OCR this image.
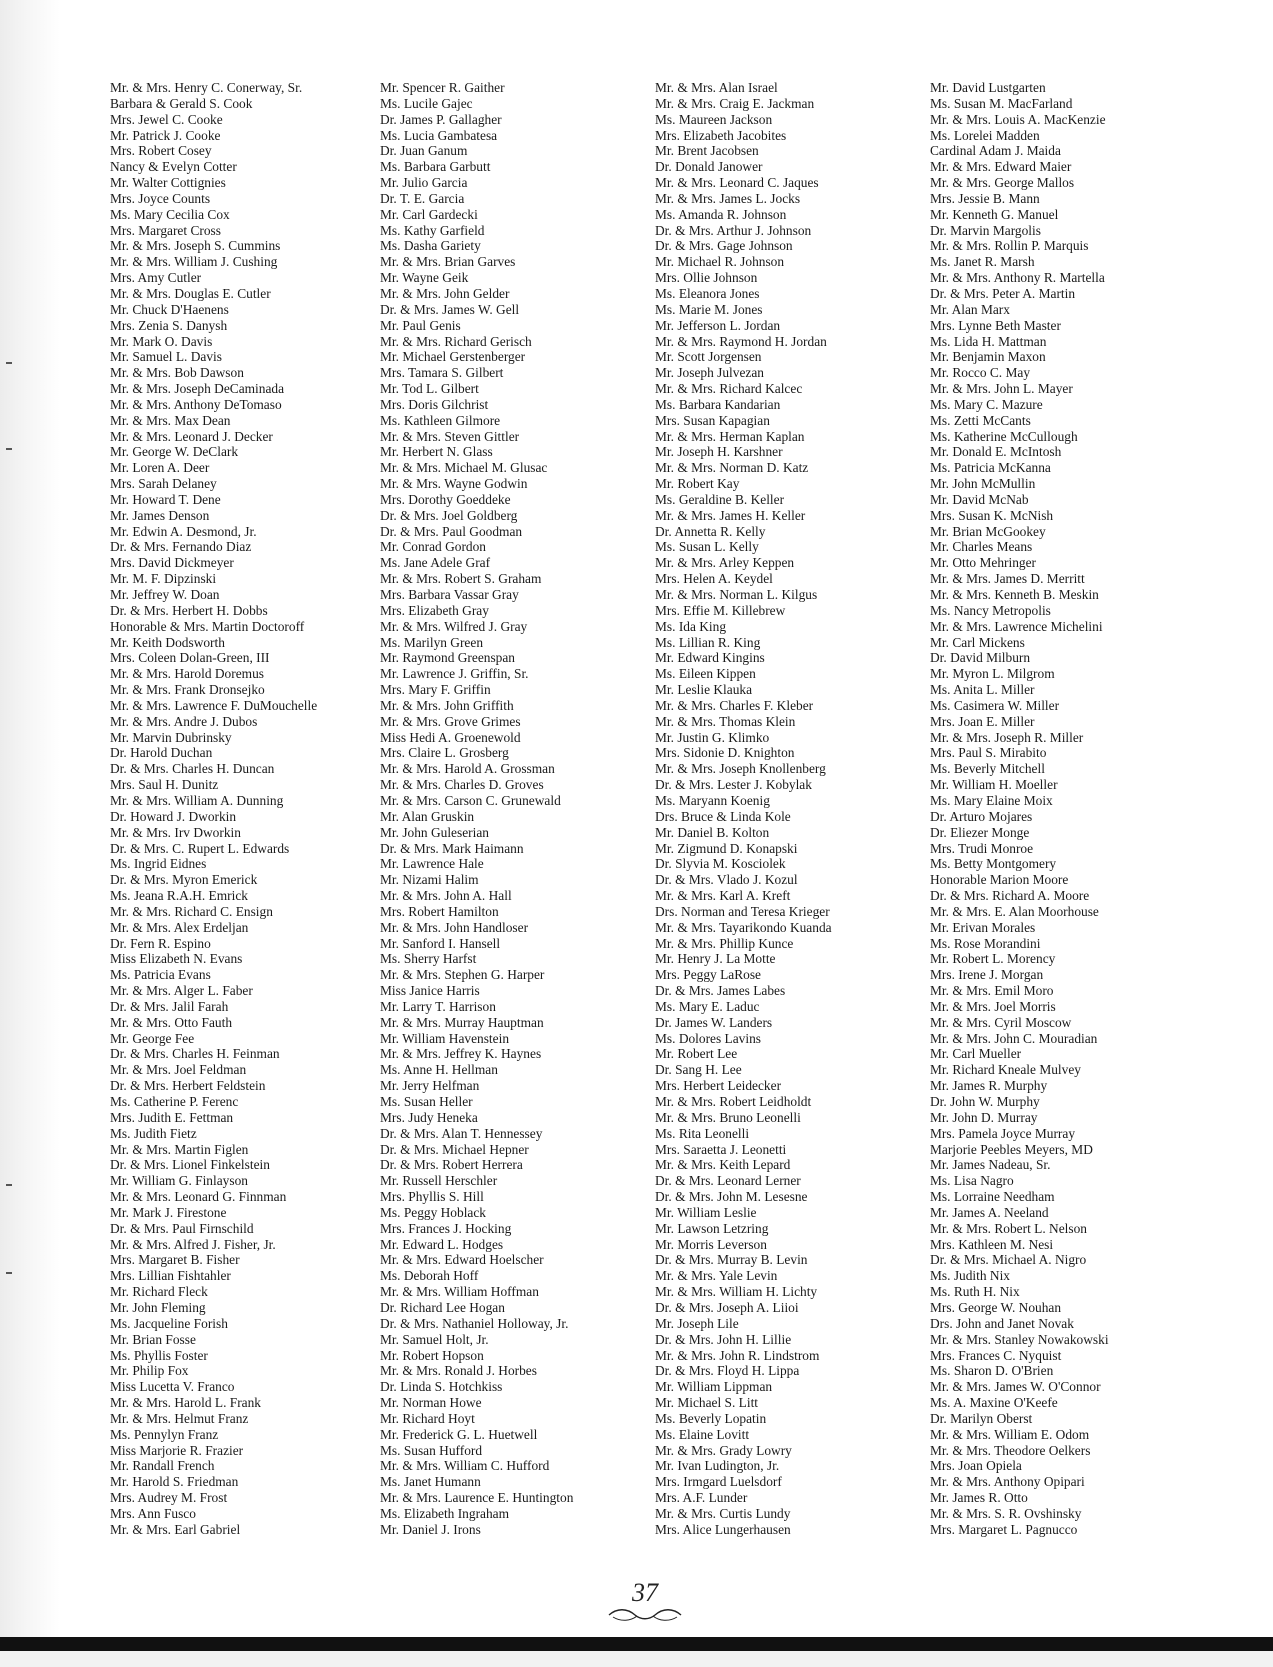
Mr. & Mrs. Henry C. Conerway, Sr.
Barbara & Gerald S. Cook
Mrs. Jewel C. Cooke
Mr. Patrick J. Cooke
Mrs. Robert Cosey
Nancy & Evelyn Cotter
Mr. Walter Cottignies
Mrs. Joyce Counts
Ms. Mary Cecilia Cox
Mrs. Margaret Cross
Mr. & Mrs. Joseph S. Cummins
Mr. & Mrs. William J. Cushing
Mrs. Amy Cutler
Mr. & Mrs. Douglas E. Cutler
Mr. Chuck D'Haenens
Mrs. Zenia S. Danysh
Mr. Mark O. Davis
Mr. Samuel L. Davis
Mr. & Mrs. Bob Dawson
Mr. & Mrs. Joseph DeCaminada
Mr. & Mrs. Anthony DeTomaso
Mr. & Mrs. Max Dean
Mr. & Mrs. Leonard J. Decker
Mr. George W. DeClark
Mr. Loren A. Deer
Mrs. Sarah Delaney
Mr. Howard T. Dene
Mr. James Denson
Mr. Edwin A. Desmond, Jr.
Dr. & Mrs. Fernando Diaz
Mrs. David Dickmeyer
Mr. M. F. Dipzinski
Mr. Jeffrey W. Doan
Dr. & Mrs. Herbert H. Dobbs
Honorable & Mrs. Martin Doctoroff
Mr. Keith Dodsworth
Mrs. Coleen Dolan-Green, III
Mr. & Mrs. Harold Doremus
Mr. & Mrs. Frank Dronsejko
Mr. & Mrs. Lawrence F. DuMouchelle
Mr. & Mrs. Andre J. Dubos
Mr. Marvin Dubrinsky
Dr. Harold Duchan
Dr. & Mrs. Charles H. Duncan
Mrs. Saul H. Dunitz
Mr. & Mrs. William A. Dunning
Dr. Howard J. Dworkin
Mr. & Mrs. Irv Dworkin
Dr. & Mrs. C. Rupert L. Edwards
Ms. Ingrid Eidnes
Dr. & Mrs. Myron Emerick
Ms. Jeana R.A.H. Emrick
Mr. & Mrs. Richard C. Ensign
Mr. & Mrs. Alex Erdeljan
Dr. Fern R. Espino
Miss Elizabeth N. Evans
Ms. Patricia Evans
Mr. & Mrs. Alger L. Faber
Dr. & Mrs. Jalil Farah
Mr. & Mrs. Otto Fauth
Mr. George Fee
Dr. & Mrs. Charles H. Feinman
Mr. & Mrs. Joel Feldman
Dr. & Mrs. Herbert Feldstein
Ms. Catherine P. Ferenc
Mrs. Judith E. Fettman
Ms. Judith Fietz
Mr. & Mrs. Martin Figlen
Dr. & Mrs. Lionel Finkelstein
Mr. William G. Finlayson
Mr. & Mrs. Leonard G. Finnman
Mr. Mark J. Firestone
Dr. & Mrs. Paul Firnschild
Mr. & Mrs. Alfred J. Fisher, Jr.
Mrs. Margaret B. Fisher
Mrs. Lillian Fishtahler
Mr. Richard Fleck
Mr. John Fleming
Ms. Jacqueline Forish
Mr. Brian Fosse
Ms. Phyllis Foster
Mr. Philip Fox
Miss Lucetta V. Franco
Mr. & Mrs. Harold L. Frank
Mr. & Mrs. Helmut Franz
Ms. Pennylyn Franz
Miss Marjorie R. Frazier
Mr. Randall French
Mr. Harold S. Friedman
Mrs. Audrey M. Frost
Mrs. Ann Fusco
Mr. & Mrs. Earl Gabriel
Mr. Spencer R. Gaither
Ms. Lucile Gajec
Dr. James P. Gallagher
Ms. Lucia Gambatesa
Dr. Juan Ganum
Ms. Barbara Garbutt
Mr. Julio Garcia
Dr. T. E. Garcia
Mr. Carl Gardecki
Ms. Kathy Garfield
Ms. Dasha Gariety
Mr. & Mrs. Brian Garves
Mr. Wayne Geik
Mr. & Mrs. John Gelder
Dr. & Mrs. James W. Gell
Mr. Paul Genis
Mr. & Mrs. Richard Gerisch
Mr. Michael Gerstenberger
Mrs. Tamara S. Gilbert
Mr. Tod L. Gilbert
Mrs. Doris Gilchrist
Ms. Kathleen Gilmore
Mr. & Mrs. Steven Gittler
Mr. Herbert N. Glass
Mr. & Mrs. Michael M. Glusac
Mr. & Mrs. Wayne Godwin
Mrs. Dorothy Goeddeke
Dr. & Mrs. Joel Goldberg
Dr. & Mrs. Paul Goodman
Mr. Conrad Gordon
Ms. Jane Adele Graf
Mr. & Mrs. Robert S. Graham
Mrs. Barbara Vassar Gray
Mrs. Elizabeth Gray
Mr. & Mrs. Wilfred J. Gray
Ms. Marilyn Green
Mr. Raymond Greenspan
Mr. Lawrence J. Griffin, Sr.
Mrs. Mary F. Griffin
Mr. & Mrs. John Griffith
Mr. & Mrs. Grove Grimes
Miss Hedi A. Groenewold
Mrs. Claire L. Grosberg
Mr. & Mrs. Harold A. Grossman
Mr. & Mrs. Charles D. Groves
Mr. & Mrs. Carson C. Grunewald
Mr. Alan Gruskin
Mr. John Guleserian
Dr. & Mrs. Mark Haimann
Mr. Lawrence Hale
Mr. Nizami Halim
Mr. & Mrs. John A. Hall
Mrs. Robert Hamilton
Mr. & Mrs. John Handloser
Mr. Sanford I. Hansell
Ms. Sherry Harfst
Mr. & Mrs. Stephen G. Harper
Miss Janice Harris
Mr. Larry T. Harrison
Mr. & Mrs. Murray Hauptman
Mr. William Havenstein
Mr. & Mrs. Jeffrey K. Haynes
Ms. Anne H. Hellman
Mr. Jerry Helfman
Ms. Susan Heller
Mrs. Judy Heneka
Dr. & Mrs. Alan T. Hennessey
Dr. & Mrs. Michael Hepner
Dr. & Mrs. Robert Herrera
Mr. Russell Herschler
Mrs. Phyllis S. Hill
Ms. Peggy Hoblack
Mrs. Frances J. Hocking
Mr. Edward L. Hodges
Mr. & Mrs. Edward Hoelscher
Ms. Deborah Hoff
Mr. & Mrs. William Hoffman
Dr. Richard Lee Hogan
Dr. & Mrs. Nathaniel Holloway, Jr.
Mr. Samuel Holt, Jr.
Mr. Robert Hopson
Mr. & Mrs. Ronald J. Horbes
Dr. Linda S. Hotchkiss
Mr. Norman Howe
Mr. Richard Hoyt
Mr. Frederick G. L. Huetwell
Ms. Susan Hufford
Mr. & Mrs. William C. Hufford
Ms. Janet Humann
Mr. & Mrs. Laurence E. Huntington
Ms. Elizabeth Ingraham
Mr. Daniel J. Irons
Mr. & Mrs. Alan Israel
Mr. & Mrs. Craig E. Jackman
Ms. Maureen Jackson
Mrs. Elizabeth Jacobites
Mr. Brent Jacobsen
Dr. Donald Janower
Mr. & Mrs. Leonard C. Jaques
Mr. & Mrs. James L. Jocks
Ms. Amanda R. Johnson
Dr. & Mrs. Arthur J. Johnson
Dr. & Mrs. Gage Johnson
Mr. Michael R. Johnson
Mrs. Ollie Johnson
Ms. Eleanora Jones
Ms. Marie M. Jones
Mr. Jefferson L. Jordan
Mr. & Mrs. Raymond H. Jordan
Mr. Scott Jorgensen
Mr. Joseph Julvezan
Mr. & Mrs. Richard Kalcec
Ms. Barbara Kandarian
Mrs. Susan Kapagian
Mr. & Mrs. Herman Kaplan
Mr. Joseph H. Karshner
Mr. & Mrs. Norman D. Katz
Mr. Robert Kay
Ms. Geraldine B. Keller
Mr. & Mrs. James H. Keller
Dr. Annetta R. Kelly
Ms. Susan L. Kelly
Mr. & Mrs. Arley Keppen
Mrs. Helen A. Keydel
Mr. & Mrs. Norman L. Kilgus
Mrs. Effie M. Killebrew
Ms. Ida King
Ms. Lillian R. King
Mr. Edward Kingins
Ms. Eileen Kippen
Mr. Leslie Klauka
Mr. & Mrs. Charles F. Kleber
Mr. & Mrs. Thomas Klein
Mr. Justin G. Klimko
Mrs. Sidonie D. Knighton
Mr. & Mrs. Joseph Knollenberg
Dr. & Mrs. Lester J. Kobylak
Ms. Maryann Koenig
Drs. Bruce & Linda Kole
Mr. Daniel B. Kolton
Mr. Zigmund D. Konapski
Dr. Slyvia M. Kosciolek
Dr. & Mrs. Vlado J. Kozul
Mr. & Mrs. Karl A. Kreft
Drs. Norman and Teresa Krieger
Mr. & Mrs. Tayarikondo Kuanda
Mr. & Mrs. Phillip Kunce
Mr. Henry J. La Motte
Mrs. Peggy LaRose
Dr. & Mrs. James Labes
Ms. Mary E. Laduc
Dr. James W. Landers
Ms. Dolores Lavins
Mr. Robert Lee
Dr. Sang H. Lee
Mrs. Herbert Leidecker
Mr. & Mrs. Robert Leidholdt
Mr. & Mrs. Bruno Leonelli
Ms. Rita Leonelli
Mrs. Saraetta J. Leonetti
Mr. & Mrs. Keith Lepard
Dr. & Mrs. Leonard Lerner
Dr. & Mrs. John M. Lesesne
Mr. William Leslie
Mr. Lawson Letzring
Mr. Morris Leverson
Dr. & Mrs. Murray B. Levin
Mr. & Mrs. Yale Levin
Mr. & Mrs. William H. Lichty
Dr. & Mrs. Joseph A. Liioi
Mr. Joseph Lile
Dr. & Mrs. John H. Lillie
Mr. & Mrs. John R. Lindstrom
Dr. & Mrs. Floyd H. Lippa
Mr. William Lippman
Mr. Michael S. Litt
Ms. Beverly Lopatin
Ms. Elaine Lovitt
Mr. & Mrs. Grady Lowry
Mr. Ivan Ludington, Jr.
Mrs. Irmgard Luelsdorf
Mrs. A.F. Lunder
Mr. & Mrs. Curtis Lundy
Mrs. Alice Lungerhausen
Mr. David Lustgarten
Ms. Susan M. MacFarland
Mr. & Mrs. Louis A. MacKenzie
Ms. Lorelei Madden
Cardinal Adam J. Maida
Mr. & Mrs. Edward Maier
Mr. & Mrs. George Mallos
Mrs. Jessie B. Mann
Mr. Kenneth G. Manuel
Dr. Marvin Margolis
Mr. & Mrs. Rollin P. Marquis
Ms. Janet R. Marsh
Mr. & Mrs. Anthony R. Martella
Dr. & Mrs. Peter A. Martin
Mr. Alan Marx
Mrs. Lynne Beth Master
Ms. Lida H. Mattman
Mr. Benjamin Maxon
Mr. Rocco C. May
Mr. & Mrs. John L. Mayer
Ms. Mary C. Mazure
Ms. Zetti McCants
Ms. Katherine McCullough
Mr. Donald E. McIntosh
Ms. Patricia McKanna
Mr. John McMullin
Mr. David McNab
Mrs. Susan K. McNish
Mr. Brian McGookey
Mr. Charles Means
Mr. Otto Mehringer
Mr. & Mrs. James D. Merritt
Mr. & Mrs. Kenneth B. Meskin
Ms. Nancy Metropolis
Mr. & Mrs. Lawrence Michelini
Mr. Carl Mickens
Dr. David Milburn
Mr. Myron L. Milgrom
Ms. Anita L. Miller
Ms. Casimera W. Miller
Mrs. Joan E. Miller
Mr. & Mrs. Joseph R. Miller
Mrs. Paul S. Mirabito
Ms. Beverly Mitchell
Mr. William H. Moeller
Ms. Mary Elaine Moix
Dr. Arturo Mojares
Dr. Eliezer Monge
Mrs. Trudi Monroe
Ms. Betty Montgomery
Honorable Marion Moore
Dr. & Mrs. Richard A. Moore
Mr. & Mrs. E. Alan Moorhouse
Mr. Erivan Morales
Ms. Rose Morandini
Mr. Robert L. Morency
Mrs. Irene J. Morgan
Mr. & Mrs. Emil Moro
Mr. & Mrs. Joel Morris
Mr. & Mrs. Cyril Moscow
Mr. & Mrs. John C. Mouradian
Mr. Carl Mueller
Mr. Richard Kneale Mulvey
Mr. James R. Murphy
Dr. John W. Murphy
Mr. John D. Murray
Mrs. Pamela Joyce Murray
Marjorie Peebles Meyers, MD
Mr. James Nadeau, Sr.
Ms. Lisa Nagro
Ms. Lorraine Needham
Mr. James A. Neeland
Mr. & Mrs. Robert L. Nelson
Mrs. Kathleen M. Nesi
Dr. & Mrs. Michael A. Nigro
Ms. Judith Nix
Ms. Ruth H. Nix
Mrs. George W. Nouhan
Drs. John and Janet Novak
Mr. & Mrs. Stanley Nowakowski
Mrs. Frances C. Nyquist
Ms. Sharon D. O'Brien
Mr. & Mrs. James W. O'Connor
Ms. A. Maxine O'Keefe
Dr. Marilyn Oberst
Mr. & Mrs. William E. Odom
Mr. & Mrs. Theodore Oelkers
Mrs. Joan Opiela
Mr. & Mrs. Anthony Opipari
Mr. James R. Otto
Mr. & Mrs. S. R. Ovshinsky
Mrs. Margaret L. Pagnucco
37
